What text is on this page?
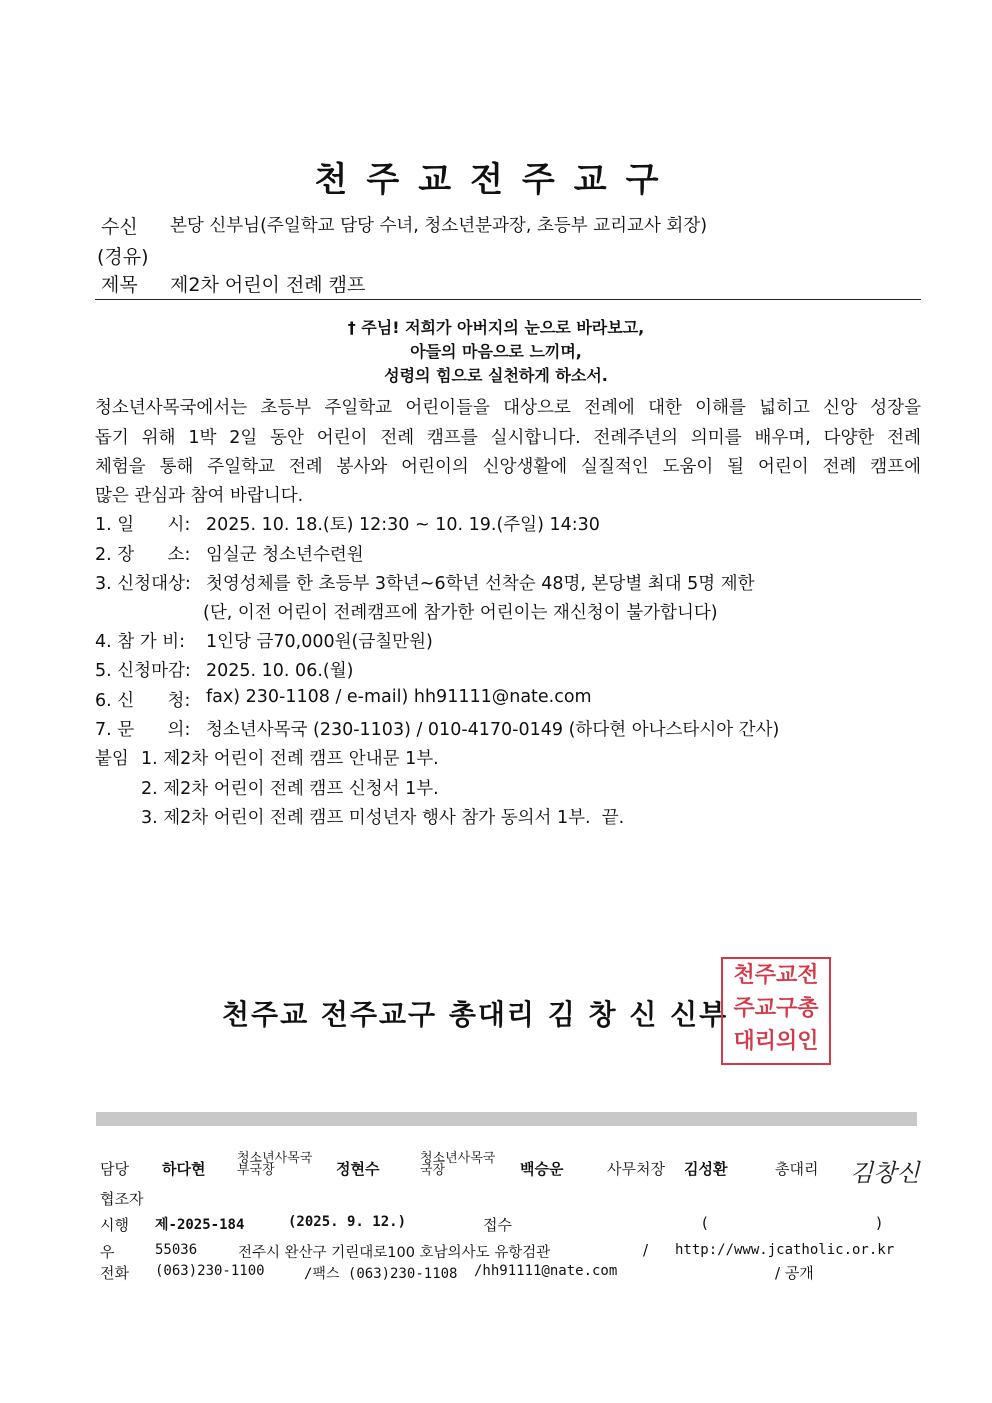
천주교전주교구
수신 본당 신부님(주일학교 담당 수녀, 청소년분과장, 초등부 교리교사 회장)
(경유)
제목 제2차 어린이 전례 캠프
† 주님! 저희가 아버지의 눈으로 바라보고,
아들의 마음으로 느끼며,
성령의 힘으로 실천하게 하소서.
청소년사목국에서는 초등부 주일학교 어린이들을 대상으로 전례에 대한 이해를 넓히고 신앙 성장을
돕기 위해 1박 2일 동안 어린이 전례 캠프를 실시합니다. 전례주년의 의미를 배우며, 다양한 전례
체험을 통해 주일학교 전례 봉사와 어린이의 신앙생활에 실질적인 도움이 될 어린이 전례 캠프에
많은 관심과 참여 바랍니다.
1. 일      시: 2025. 10. 18.(토) 12:30 ~ 10. 19.(주일) 14:30
2. 장      소: 임실군 청소년수련원
3. 신청대상: 첫영성체를 한 초등부 3학년~6학년 선착순 48명, 본당별 최대 5명 제한
(단, 이전 어린이 전례캠프에 참가한 어린이는 재신청이 불가합니다)
4. 참 가 비: 1인당 금70,000원(금칠만원)
5. 신청마감: 2025. 10. 06.(월)
6. 신      청: fax) 230-1108 / e-mail) hh91111@nate.com
7. 문      의: 청소년사목국 (230-1103) / 010-4170-0149 (하다현 아나스타시아 간사)
붙임 1. 제2차 어린이 전례 캠프 안내문 1부.
2. 제2차 어린이 전례 캠프 신청서 1부.
3. 제2차 어린이 전례 캠프 미성년자 행사 참가 동의서 1부.  끝.
천주교 전주교구 총대리 김 창 신 신부
천주교전
주교구총
대리의인
담당 하다현
청소년사목국
부국장	정현수
청소년사목국
국장	백승운	사무처장 김성환	총대리 김창신
협조자
시행 제-2025-184	(2025. 9. 12.)	접수	(	)
우	55036	전주시 완산구 기린대로100 호남의사도 유항검관	/ http://www.jcatholic.or.kr
전화 (063)230-1100	/팩스 (063)230-1108 /hh91111@nate.com	/ 공개
